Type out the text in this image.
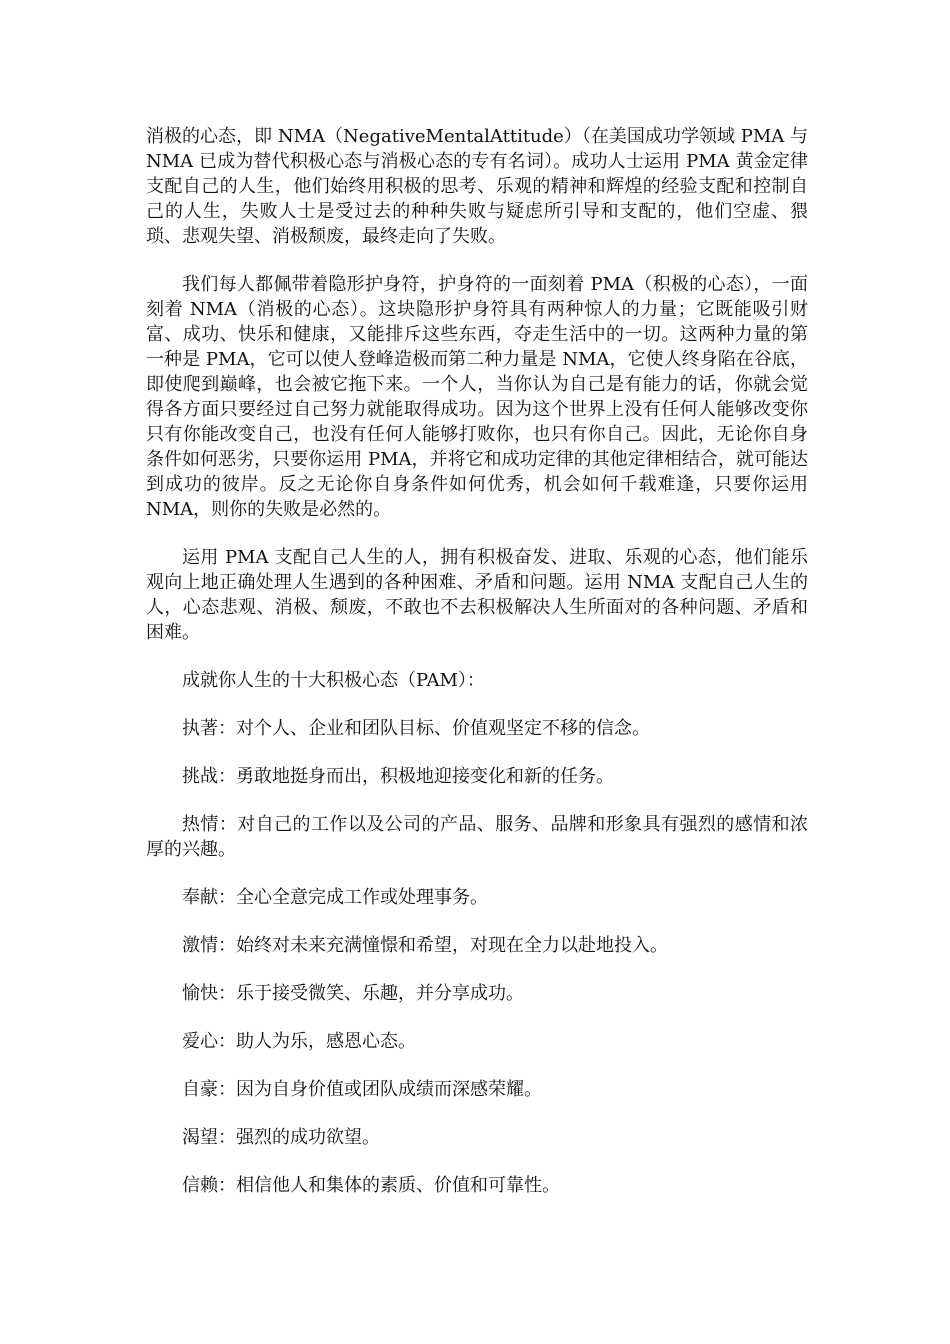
消极的心态，即 NMA（NegativeMentalAttitude）（在美国成功学领域 PMA 与 NMA 已成为替代积极心态与消极心态的专有名词）。成功人士运用 PMA 黄金定律支配自己的人生，他们始终用积极的思考、乐观的精神和辉煌的经验支配和控制自己的人生，失败人士是受过去的种种失败与疑虑所引导和支配的，他们空虚、猥琐、悲观失望、消极颓废，最终走向了失败。

我们每人都佩带着隐形护身符，护身符的一面刻着 PMA（积极的心态），一面刻着 NMA（消极的心态）。这块隐形护身符具有两种惊人的力量；它既能吸引财富、成功、快乐和健康，又能排斥这些东西，夺走生活中的一切。这两种力量的第一种是 PMA，它可以使人登峰造极而第二种力量是 NMA，它使人终身陷在谷底，即使爬到巅峰，也会被它拖下来。一个人，当你认为自己是有能力的话，你就会觉得各方面只要经过自己努力就能取得成功。因为这个世界上没有任何人能够改变你只有你能改变自己，也没有任何人能够打败你，也只有你自己。因此，无论你自身条件如何恶劣，只要你运用 PMA，并将它和成功定律的其他定律相结合，就可能达到成功的彼岸。反之无论你自身条件如何优秀，机会如何千载难逢，只要你运用 NMA，则你的失败是必然的。

运用 PMA 支配自己人生的人，拥有积极奋发、进取、乐观的心态，他们能乐观向上地正确处理人生遇到的各种困难、矛盾和问题。运用 NMA 支配自己人生的人，心态悲观、消极、颓废，不敢也不去积极解决人生所面对的各种问题、矛盾和困难。

成就你人生的十大积极心态（PAM）：

执著：对个人、企业和团队目标、价值观坚定不移的信念。

挑战：勇敢地挺身而出，积极地迎接变化和新的任务。

热情：对自己的工作以及公司的产品、服务、品牌和形象具有强烈的感情和浓厚的兴趣。

奉献：全心全意完成工作或处理事务。

激情：始终对未来充满憧憬和希望，对现在全力以赴地投入。

愉快：乐于接受微笑、乐趣，并分享成功。

爱心：助人为乐，感恩心态。

自豪：因为自身价值或团队成绩而深感荣耀。

渴望：强烈的成功欲望。

信赖：相信他人和集体的素质、价值和可靠性。
